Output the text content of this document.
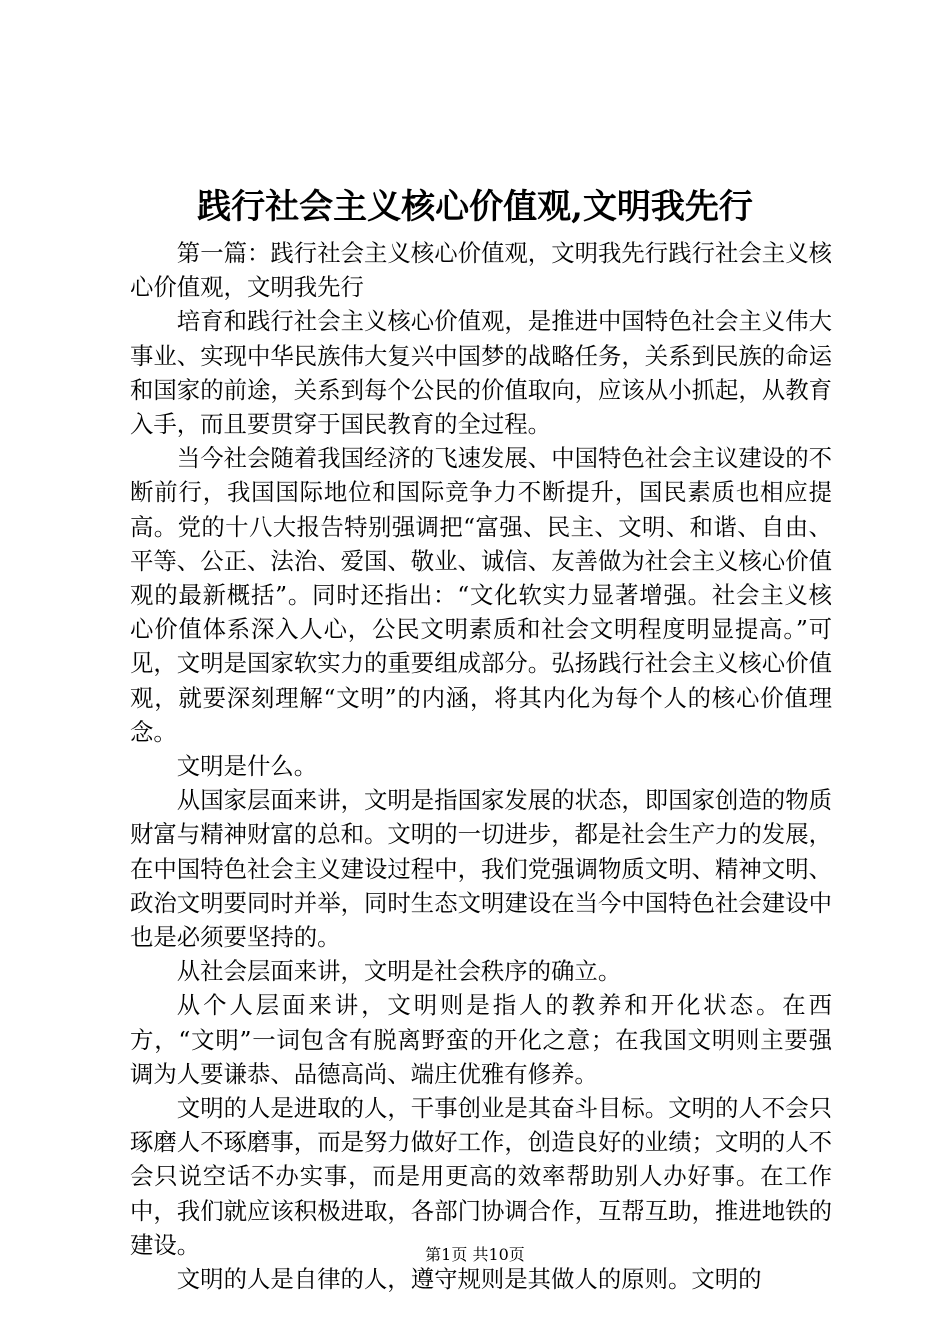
践行社会主义核心价值观,文明我先行

第一篇：践行社会主义核心价值观，文明我先行践行社会主义核心价值观，文明我先行

培育和践行社会主义核心价值观，是推进中国特色社会主义伟大事业、实现中华民族伟大复兴中国梦的战略任务，关系到民族的命运和国家的前途，关系到每个公民的价值取向，应该从小抓起，从教育入手，而且要贯穿于国民教育的全过程。

当今社会随着我国经济的飞速发展、中国特色社会主议建设的不断前行，我国国际地位和国际竞争力不断提升，国民素质也相应提高。党的十八大报告特别强调把“富强、民主、文明、和谐、自由、平等、公正、法治、爱国、敬业、诚信、友善做为社会主义核心价值观的最新概括”。同时还指出：“文化软实力显著增强。社会主义核心价值体系深入人心，公民文明素质和社会文明程度明显提高。”可见，文明是国家软实力的重要组成部分。弘扬践行社会主义核心价值观，就要深刻理解“文明”的内涵，将其内化为每个人的核心价值理念。

文明是什么。

从国家层面来讲，文明是指国家发展的状态，即国家创造的物质财富与精神财富的总和。文明的一切进步，都是社会生产力的发展，在中国特色社会主义建设过程中，我们党强调物质文明、精神文明、政治文明要同时并举，同时生态文明建设在当今中国特色社会建设中也是必须要坚持的。

从社会层面来讲，文明是社会秩序的确立。

从个人层面来讲，文明则是指人的教养和开化状态。在西方，“文明”一词包含有脱离野蛮的开化之意；在我国文明则主要强调为人要谦恭、品德高尚、端庄优雅有修养。

文明的人是进取的人，干事创业是其奋斗目标。文明的人不会只琢磨人不琢磨事，而是努力做好工作，创造良好的业绩；文明的人不会只说空话不办实事，而是用更高的效率帮助别人办好事。在工作中，我们就应该积极进取，各部门协调合作，互帮互助，推进地铁的建设。

文明的人是自律的人，遵守规则是其做人的原则。文明的

第1页 共10页
